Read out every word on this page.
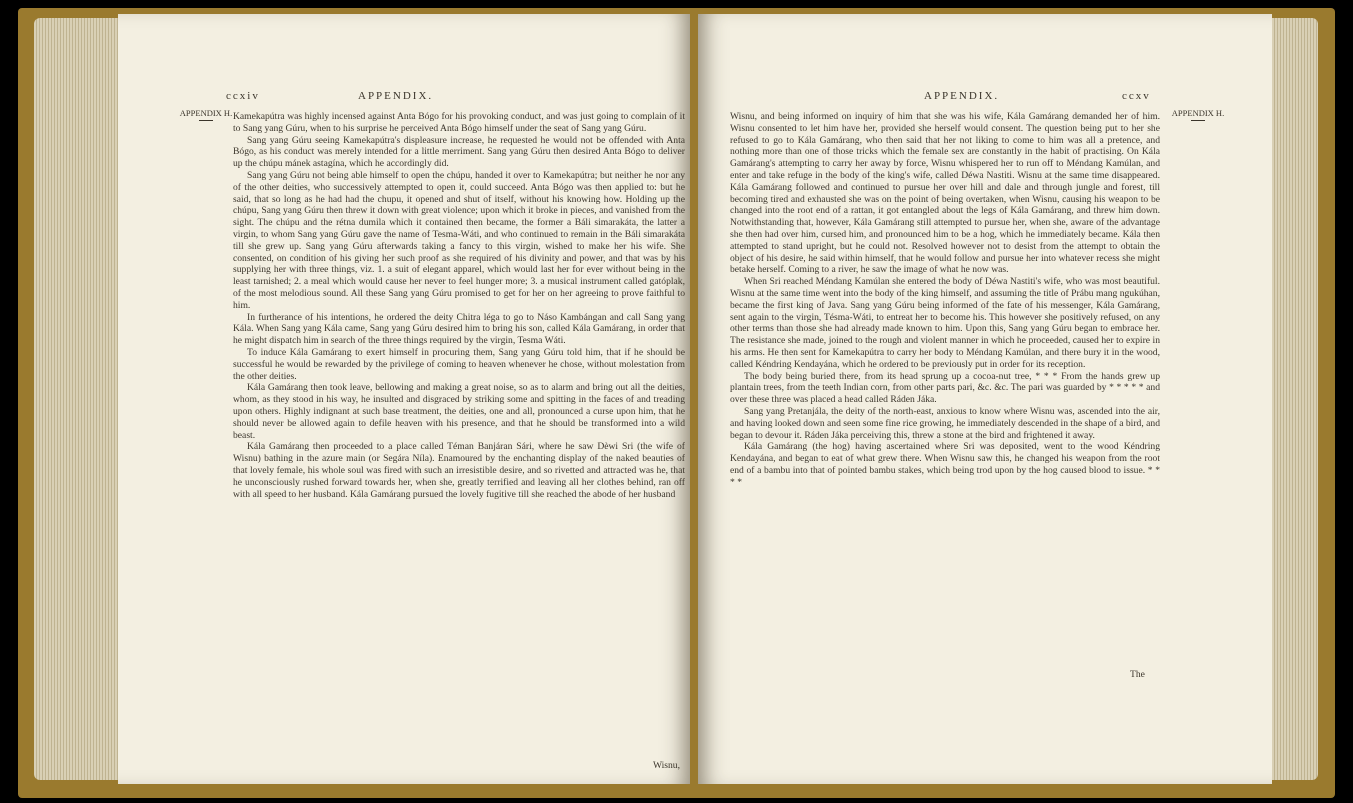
ccxiv	APPENDIX.

Kamekapútra was highly incensed against Anta Bógo for his provoking conduct, and was just going to complain of it to Sang yang Gúru, when to his surprise he perceived Anta Bógo himself under the seat of Sang yang Gúru.

Sang yang Gúru seeing Kamekapútra's displeasure increase, he requested he would not be offended with Anta Bógo, as his conduct was merely intended for a little merriment. Sang yang Gúru then desired Anta Bógo to deliver up the chúpu mánek astagína, which he accordingly did.

Sang yang Gúru not being able himself to open the chúpu, handed it over to Kamekapútra; but neither he nor any of the other deities, who successively attempted to open it, could succeed. Anta Bógo was then applied to: but he said, that so long as he had had the chupu, it opened and shut of itself, without his knowing how. Holding up the chúpu, Sang yang Gúru then threw it down with great violence; upon which it broke in pieces, and vanished from the sight. The chúpu and the rétna dumila which it contained then became, the former a Báli simarakáta, the latter a virgin, to whom Sang yang Gúru gave the name of Tesma-Wáti, and who continued to remain in the Báli simarakáta till she grew up. Sang yang Gúru afterwards taking a fancy to this virgin, wished to make her his wife. She consented, on condition of his giving her such proof as she required of his divinity and power, and that was by his supplying her with three things, viz. 1. a suit of elegant apparel, which would last her for ever without being in the least tarnished; 2. a meal which would cause her never to feel hunger more; 3. a musical instrument called gatóplak, of the most melodious sound. All these Sang yang Gúru promised to get for her on her agreeing to prove faithful to him.

In furtherance of his intentions, he ordered the deity Chitra léga to go to Náso Kambángan and call Sang yang Kála. When Sang yang Kála came, Sang yang Gúru desired him to bring his son, called Kála Gamárang, in order that he might dispatch him in search of the three things required by the virgin, Tesma Wáti.

To induce Kála Gamárang to exert himself in procuring them, Sang yang Gúru told him, that if he should be successful he would be rewarded by the privilege of coming to heaven whenever he chose, without molestation from the other deities.

Kála Gamárang then took leave, bellowing and making a great noise, so as to alarm and bring out all the deities, whom, as they stood in his way, he insulted and disgraced by striking some and spitting in the faces of and treading upon others. Highly indignant at such base treatment, the deities, one and all, pronounced a curse upon him, that he should never be allowed again to defile heaven with his presence, and that he should be transformed into a wild beast.

Kála Gamárang then proceeded to a place called Téman Banjáran Sári, where he saw Dèwi Sri (the wife of Wisnu) bathing in the azure main (or Segára Níla). Enamoured by the enchanting display of the naked beauties of that lovely female, his whole soul was fired with such an irresistible desire, and so rivetted and attracted was he, that he unconsciously rushed forward towards her, when she, greatly terrified and leaving all her clothes behind, ran off with all speed to her husband. Kála Gamárang pursued the lovely fugitive till she reached the abode of her husband

Wisnu,
APPENDIX H.
APPENDIX.	ccxv

Wisnu, and being informed on inquiry of him that she was his wife, Kála Gamárang demanded her of him. Wisnu consented to let him have her, provided she herself would consent. The question being put to her she refused to go to Kála Gamárang, who then said that her not liking to come to him was all a pretence, and nothing more than one of those tricks which the female sex are constantly in the habit of practising. On Kála Gamárang's attempting to carry her away by force, Wisnu whispered her to run off to Méndang Kamúlan, and enter and take refuge in the body of the king's wife, called Déwa Nastiti. Wisnu at the same time disappeared. Kála Gamárang followed and continued to pursue her over hill and dale and through jungle and forest, till becoming tired and exhausted she was on the point of being overtaken, when Wisnu, causing his weapon to be changed into the root end of a rattan, it got entangled about the legs of Kála Gamárang, and threw him down. Notwithstanding that, however, Kála Gamárang still attempted to pursue her, when she, aware of the advantage she then had over him, cursed him, and pronounced him to be a hog, which he immediately became. Kála then attempted to stand upright, but he could not. Resolved however not to desist from the attempt to obtain the object of his desire, he said within himself, that he would follow and pursue her into whatever recess she might betake herself. Coming to a river, he saw the image of what he now was.

When Sri reached Méndang Kamúlan she entered the body of Déwa Nastiti's wife, who was most beautiful. Wisnu at the same time went into the body of the king himself, and assuming the title of Prábu mang ngukúhan, became the first king of Java. Sang yang Gúru being informed of the fate of his messenger, Kála Gamárang, sent again to the virgin, Tésma-Wáti, to entreat her to become his. This however she positively refused, on any other terms than those she had already made known to him. Upon this, Sang yang Gúru began to embrace her. The resistance she made, joined to the rough and violent manner in which he proceeded, caused her to expire in his arms. He then sent for Kamekapútra to carry her body to Méndang Kamúlan, and there bury it in the wood, called Kéndring Kendayána, which he ordered to be previously put in order for its reception.

The body being buried there, from its head sprung up a cocoa-nut tree, * * * From the hands grew up plantain trees, from the teeth Indian corn, from other parts pari, &c. &c. The pari was guarded by * * * * * and over these three was placed a head called Ráden Jáka.

Sang yang Pretanjála, the deity of the north-east, anxious to know where Wisnu was, ascended into the air, and having looked down and seen some fine rice growing, he immediately descended in the shape of a bird, and began to devour it. Ráden Jáka perceiving this, threw a stone at the bird and frightened it away.

Kála Gamárang (the hog) having ascertained where Sri was deposited, went to the wood Kéndring Kendayána, and began to eat of what grew there. When Wisnu saw this, he changed his weapon from the root end of a bambu into that of pointed bambu stakes, which being trod upon by the hog caused blood to issue. * * * *

The
APPENDIX H.
